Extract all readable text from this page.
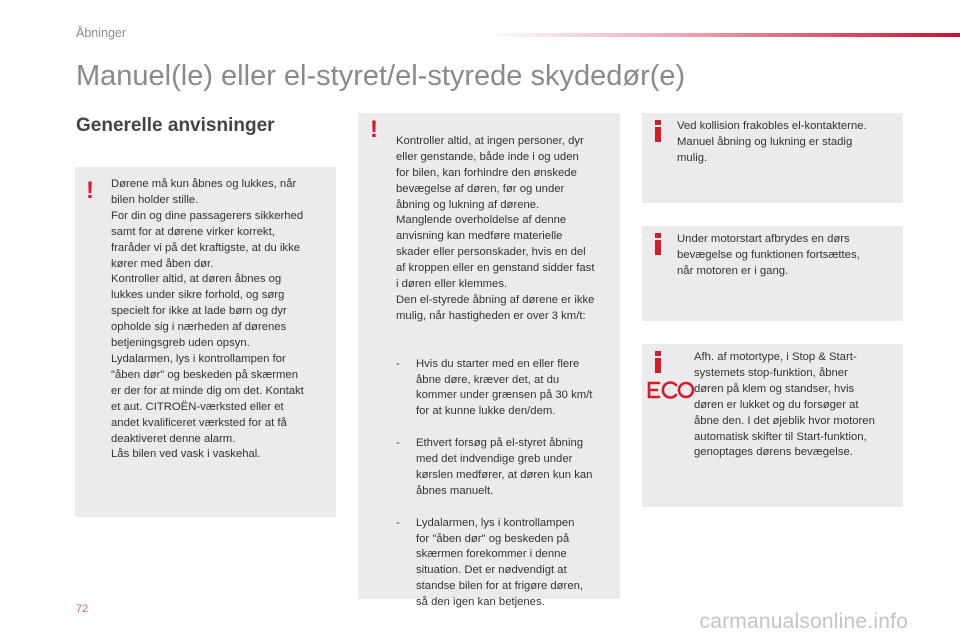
Åbninger
Manuel(le) eller el-styret/el-styrede skydedør(e)
Generelle anvisninger
! Dørene må kun åbnes og lukkes, når
bilen holder stille.
For din og dine passagerers sikkerhed
samt for at dørene virker korrekt,
fraråder vi på det kraftigste, at du ikke
kører med åben dør.
Kontroller altid, at døren åbnes og
lukkes under sikre forhold, og sørg
specielt for ikke at lade børn og dyr
opholde sig i nærheden af dørenes
betjeningsgreb uden opsyn.
Lydalarmen, lys i kontrollampen for
"åben dør" og beskeden på skærmen
er der for at minde dig om det. Kontakt
et aut. CITROËN-værksted eller et
andet kvalificeret værksted for at få
deaktiveret denne alarm.
Lås bilen ved vask i vaskehal.
! Kontroller altid, at ingen personer, dyr
eller genstande, både inde i og uden
for bilen, kan forhindre den ønskede
bevægelse af døren, før og under
åbning og lukning af dørene.
Manglende overholdelse af denne
anvisning kan medføre materielle
skader eller personskader, hvis en del
af kroppen eller en genstand sidder fast
i døren eller klemmes.
Den el-styrede åbning af dørene er ikke
mulig, når hastigheden er over 3 km/t:

- Hvis du starter med en eller flere
åbne døre, kræver det, at du
kommer under grænsen på 30 km/t
for at kunne lukke den/dem.

- Ethvert forsøg på el-styret åbning
med det indvendige greb under
kørslen medfører, at døren kun kan
åbnes manuelt.

- Lydalarmen, lys i kontrollampen
for "åben dør" og beskeden på
skærmen forekommer i denne
situation. Det er nødvendigt at
standse bilen for at frigøre døren,
så den igen kan betjenes.

Ved kollision frakobles el-kontakterne.
Manuel åbning og lukning er stadig
mulig.
Under motorstart afbrydes en dørs
bevægelse og funktionen fortsættes,
når motoren er i gang.
Afh. af motortype, i Stop & Start-
systemets stop-funktion, åbner
døren på klem og standser, hvis
døren er lukket og du forsøger at
åbne den. I det øjeblik hvor motoren
automatisk skifter til Start-funktion,
genoptages dørens bevægelse.
72
carmanualsonline.info
